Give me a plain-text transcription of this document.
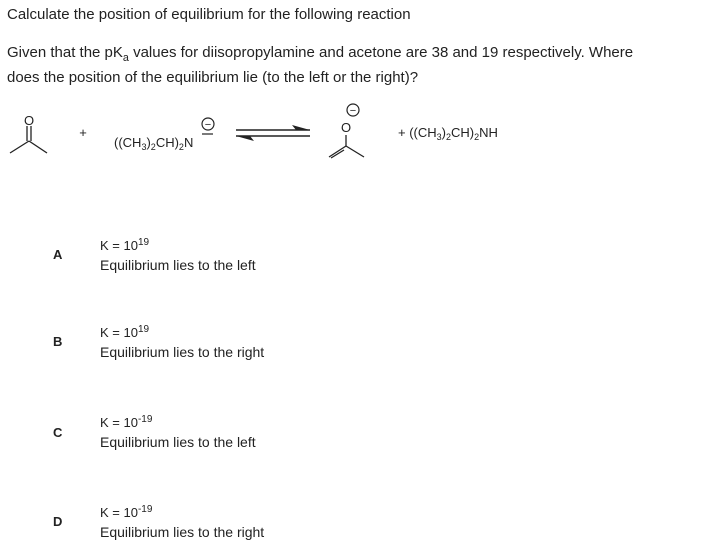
Calculate the position of equilibrium for the following reaction
Given that the $pK_a$ values for diisopropylamine and acetone are 38 and 19 respectively. Where
does the position of the equilibrium lie (to the left or the right)?
O
+
$((CH_3)_2CH)_2N$
−
−
O	+ $((CH_3)_2CH)_2NH$
A
$K = 10^{19}$
Equilibrium lies to the left
B
$K = 10^{19}$
Equilibrium lies to the right
C
$K = 10^{-19}$
Equilibrium lies to the left
D
$K = 10^{-19}$
Equilibrium lies to the right
